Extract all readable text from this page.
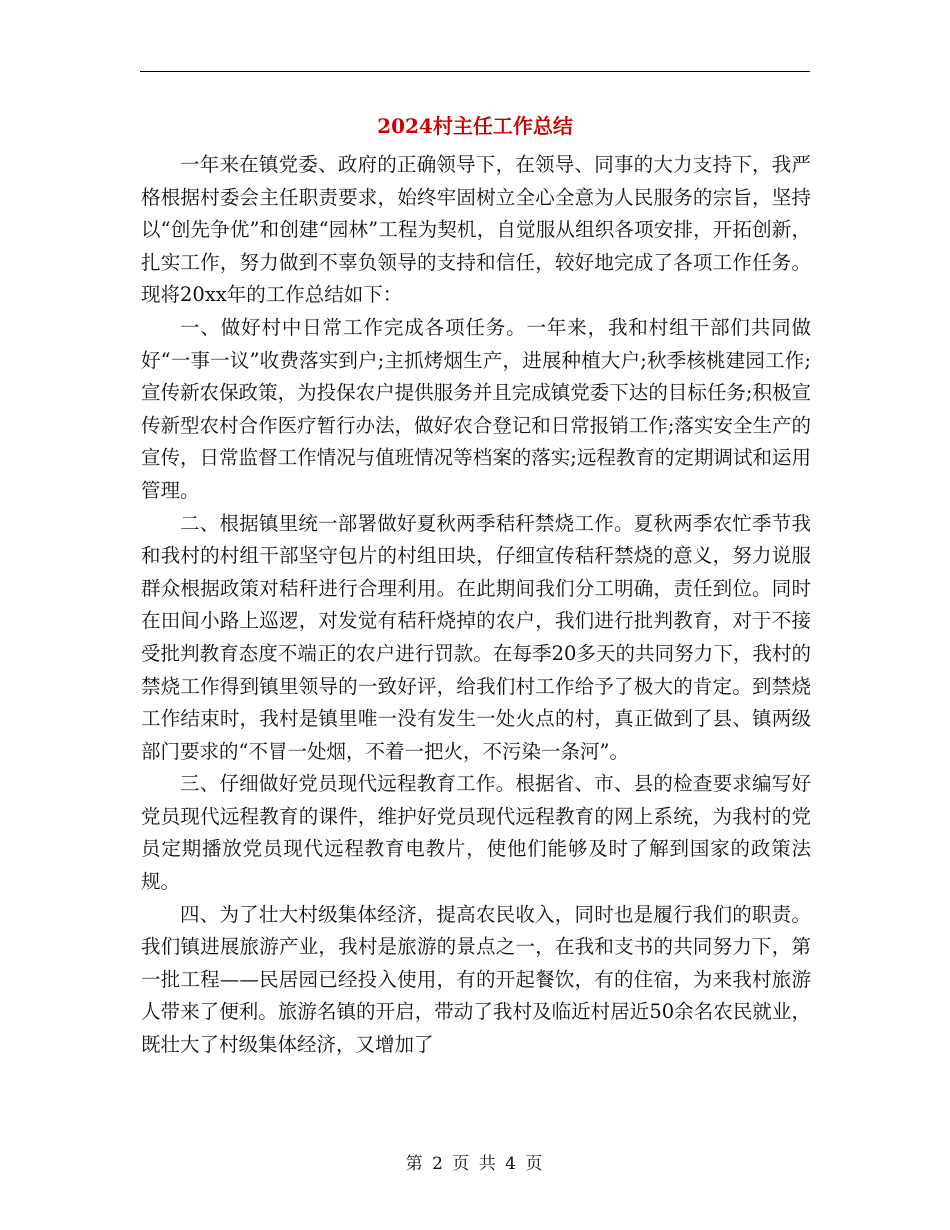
2024村主任工作总结

一年来在镇党委、政府的正确领导下，在领导、同事的大力支持下，我严格根据村委会主任职责要求，始终牢固树立全心全意为人民服务的宗旨，坚持以“创先争优”和创建“园林”工程为契机，自觉服从组织各项安排，开拓创新，扎实工作，努力做到不辜负领导的支持和信任，较好地完成了各项工作任务。现将20xx年的工作总结如下：

一、做好村中日常工作完成各项任务。一年来，我和村组干部们共同做好“一事一议”收费落实到户;主抓烤烟生产，进展种植大户;秋季核桃建园工作;宣传新农保政策，为投保农户提供服务并且完成镇党委下达的目标任务;积极宣传新型农村合作医疗暂行办法，做好农合登记和日常报销工作;落实安全生产的宣传，日常监督工作情况与值班情况等档案的落实;远程教育的定期调试和运用管理。

二、根据镇里统一部署做好夏秋两季秸秆禁烧工作。夏秋两季农忙季节我和我村的村组干部坚守包片的村组田块，仔细宣传秸秆禁烧的意义，努力说服群众根据政策对秸秆进行合理利用。在此期间我们分工明确，责任到位。同时在田间小路上巡逻，对发觉有秸秆烧掉的农户，我们进行批判教育，对于不接受批判教育态度不端正的农户进行罚款。在每季20多天的共同努力下，我村的禁烧工作得到镇里领导的一致好评，给我们村工作给予了极大的肯定。到禁烧工作结束时，我村是镇里唯一没有发生一处火点的村，真正做到了县、镇两级部门要求的“不冒一处烟，不着一把火，不污染一条河”。

三、仔细做好党员现代远程教育工作。根据省、市、县的检查要求编写好党员现代远程教育的课件，维护好党员现代远程教育的网上系统，为我村的党员定期播放党员现代远程教育电教片，使他们能够及时了解到国家的政策法规。

四、为了壮大村级集体经济，提高农民收入，同时也是履行我们的职责。我们镇进展旅游产业，我村是旅游的景点之一，在我和支书的共同努力下，第一批工程——民居园已经投入使用，有的开起餐饮，有的住宿，为来我村旅游人带来了便利。旅游名镇的开启，带动了我村及临近村居近50余名农民就业，既壮大了村级集体经济，又增加了

第 2 页 共 4 页
